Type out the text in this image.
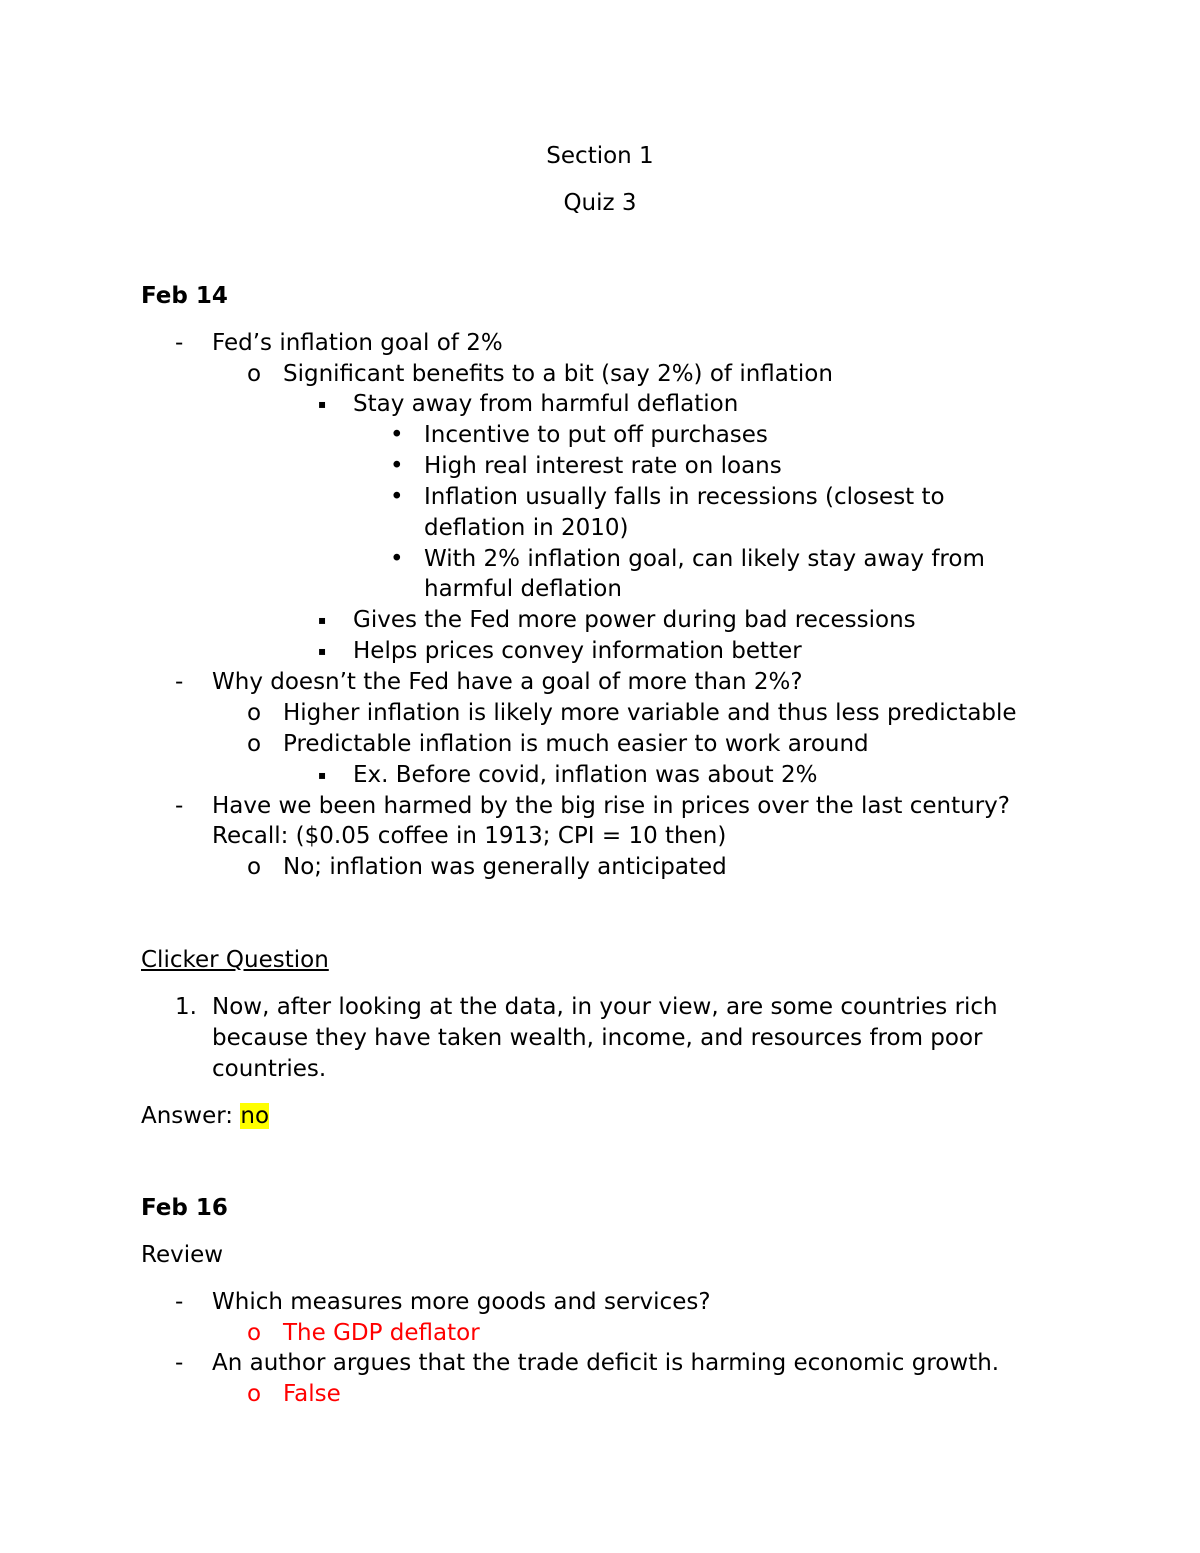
Section 1
Quiz 3
Feb 14
- Fed’s inflation goal of 2%
o Significant benefits to a bit (say 2%) of inflation
▪ Stay away from harmful deflation
• Incentive to put off purchases
• High real interest rate on loans
• Inflation usually falls in recessions (closest to
deflation in 2010)
• With 2% inflation goal, can likely stay away from
harmful deflation
▪ Gives the Fed more power during bad recessions
▪ Helps prices convey information better
- Why doesn’t the Fed have a goal of more than 2%?
o Higher inflation is likely more variable and thus less predictable
o Predictable inflation is much easier to work around
▪ Ex. Before covid, inflation was about 2%
- Have we been harmed by the big rise in prices over the last century?
Recall: ($0.05 coffee in 1913; CPI = 10 then)
o No; inflation was generally anticipated
Clicker Question
1. Now, after looking at the data, in your view, are some countries rich
because they have taken wealth, income, and resources from poor
countries.
Answer: no
Feb 16
Review
- Which measures more goods and services?
o The GDP deflator
- An author argues that the trade deficit is harming economic growth.
o False
